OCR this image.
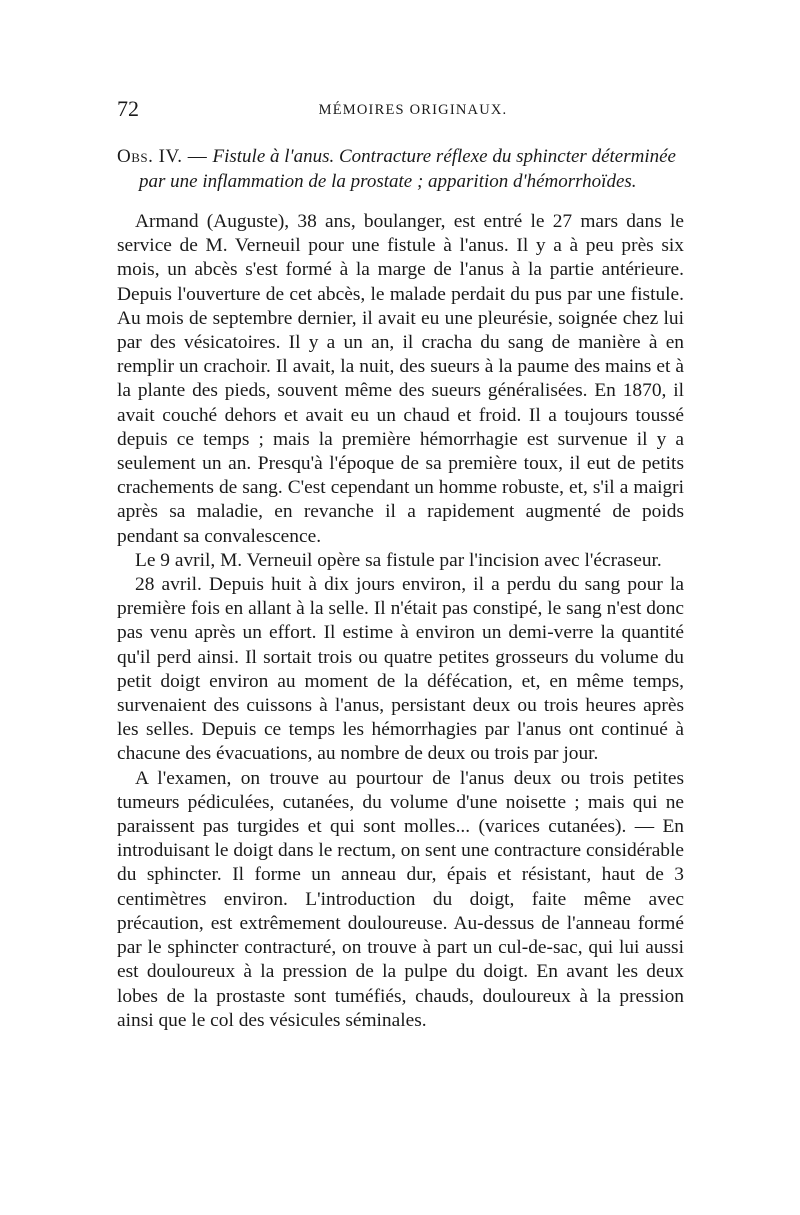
72	MÉMOIRES ORIGINAUX.
Obs. IV. — Fistule à l'anus. Contracture réflexe du sphincter déterminée
par une inflammation de la prostate ; apparition d'hémorrhoïdes.

Armand (Auguste), 38 ans, boulanger, est entré le 27 mars dans le service de M. Verneuil pour une fistule à l'anus. Il y a à peu près six mois, un abcès s'est formé à la marge de l'anus à la partie antérieure. Depuis l'ouverture de cet abcès, le malade perdait du pus par une fistule. Au mois de septembre dernier, il avait eu une pleurésie, soignée chez lui par des vésicatoires. Il y a un an, il cracha du sang de manière à en remplir un crachoir. Il avait, la nuit, des sueurs à la paume des mains et à la plante des pieds, souvent même des sueurs généralisées. En 1870, il avait couché dehors et avait eu un chaud et froid. Il a toujours toussé depuis ce temps ; mais la première hémorrhagie est survenue il y a seulement un an. Presqu'à l'époque de sa première toux, il eut de petits crachements de sang. C'est cependant un homme robuste, et, s'il a maigri après sa maladie, en revanche il a rapidement augmenté de poids pendant sa convalescence.

Le 9 avril, M. Verneuil opère sa fistule par l'incision avec l'écraseur.

28 avril. Depuis huit à dix jours environ, il a perdu du sang pour la première fois en allant à la selle. Il n'était pas constipé, le sang n'est donc pas venu après un effort. Il estime à environ un demi-verre la quantité qu'il perd ainsi. Il sortait trois ou quatre petites grosseurs du volume du petit doigt environ au moment de la défécation, et, en même temps, survenaient des cuissons à l'anus, persistant deux ou trois heures après les selles. Depuis ce temps les hémorrhagies par l'anus ont continué à chacune des évacuations, au nombre de deux ou trois par jour.

A l'examen, on trouve au pourtour de l'anus deux ou trois petites tumeurs pédiculées, cutanées, du volume d'une noisette ; mais qui ne paraissent pas turgides et qui sont molles... (varices cutanées). — En introduisant le doigt dans le rectum, on sent une contracture considérable du sphincter. Il forme un anneau dur, épais et résistant, haut de 3 centimètres environ. L'introduction du doigt, faite même avec précaution, est extrêmement douloureuse. Au-dessus de l'anneau formé par le sphincter contracturé, on trouve à part un cul-de-sac, qui lui aussi est douloureux à la pression de la pulpe du doigt. En avant les deux lobes de la prostaste sont tuméfiés, chauds, douloureux à la pression ainsi que le col des vésicules séminales.
